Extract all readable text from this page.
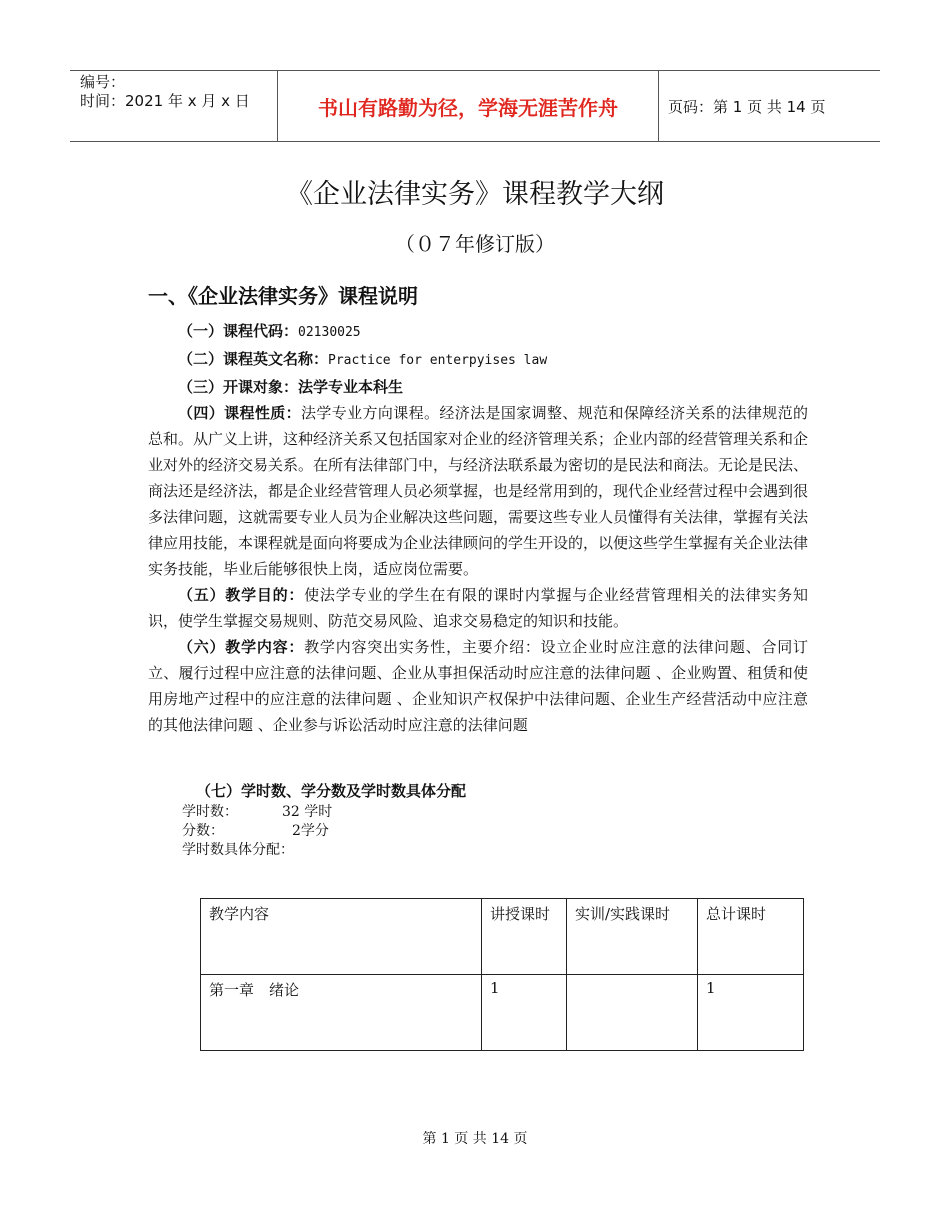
编号：
时间：2021 年 x 月 x 日	书山有路勤为径，学海无涯苦作舟	页码：第 1 页 共 14 页
《企业法律实务》课程教学大纲
（０７年修订版）
一、《企业法律实务》课程说明

（一）课程代码：02130025

（二）课程英文名称：Practice for enterpyises law

（三）开课对象：法学专业本科生

（四）课程性质：法学专业方向课程。经济法是国家调整、规范和保障经济关系的法律规范的总和。从广义上讲，这种经济关系又包括国家对企业的经济管理关系；企业内部的经营管理关系和企业对外的经济交易关系。在所有法律部门中，与经济法联系最为密切的是民法和商法。无论是民法、商法还是经济法，都是企业经营管理人员必须掌握，也是经常用到的，现代企业经营过程中会遇到很多法律问题，这就需要专业人员为企业解决这些问题，需要这些专业人员懂得有关法律，掌握有关法律应用技能，本课程就是面向将要成为企业法律顾问的学生开设的，以便这些学生掌握有关企业法律实务技能，毕业后能够很快上岗，适应岗位需要。

（五）教学目的：使法学专业的学生在有限的课时内掌握与企业经营管理相关的法律实务知识，使学生掌握交易规则、防范交易风险、追求交易稳定的知识和技能。

（六）教学内容：教学内容突出实务性，主要介绍：设立企业时应注意的法律问题、合同订立、履行过程中应注意的法律问题、企业从事担保活动时应注意的法律问题 、企业购置、租赁和使用房地产过程中的应注意的法律问题 、企业知识产权保护中法律问题、企业生产经营活动中应注意的其他法律问题 、企业参与诉讼活动时应注意的法律问题

（七）学时数、学分数及学时数具体分配
学时数：	32 学时
分数：	2学分
学时数具体分配：
教学内容	讲授课时	实训/实践课时	总计课时
第一章　绪论	1		1
第 1 页 共 14 页
